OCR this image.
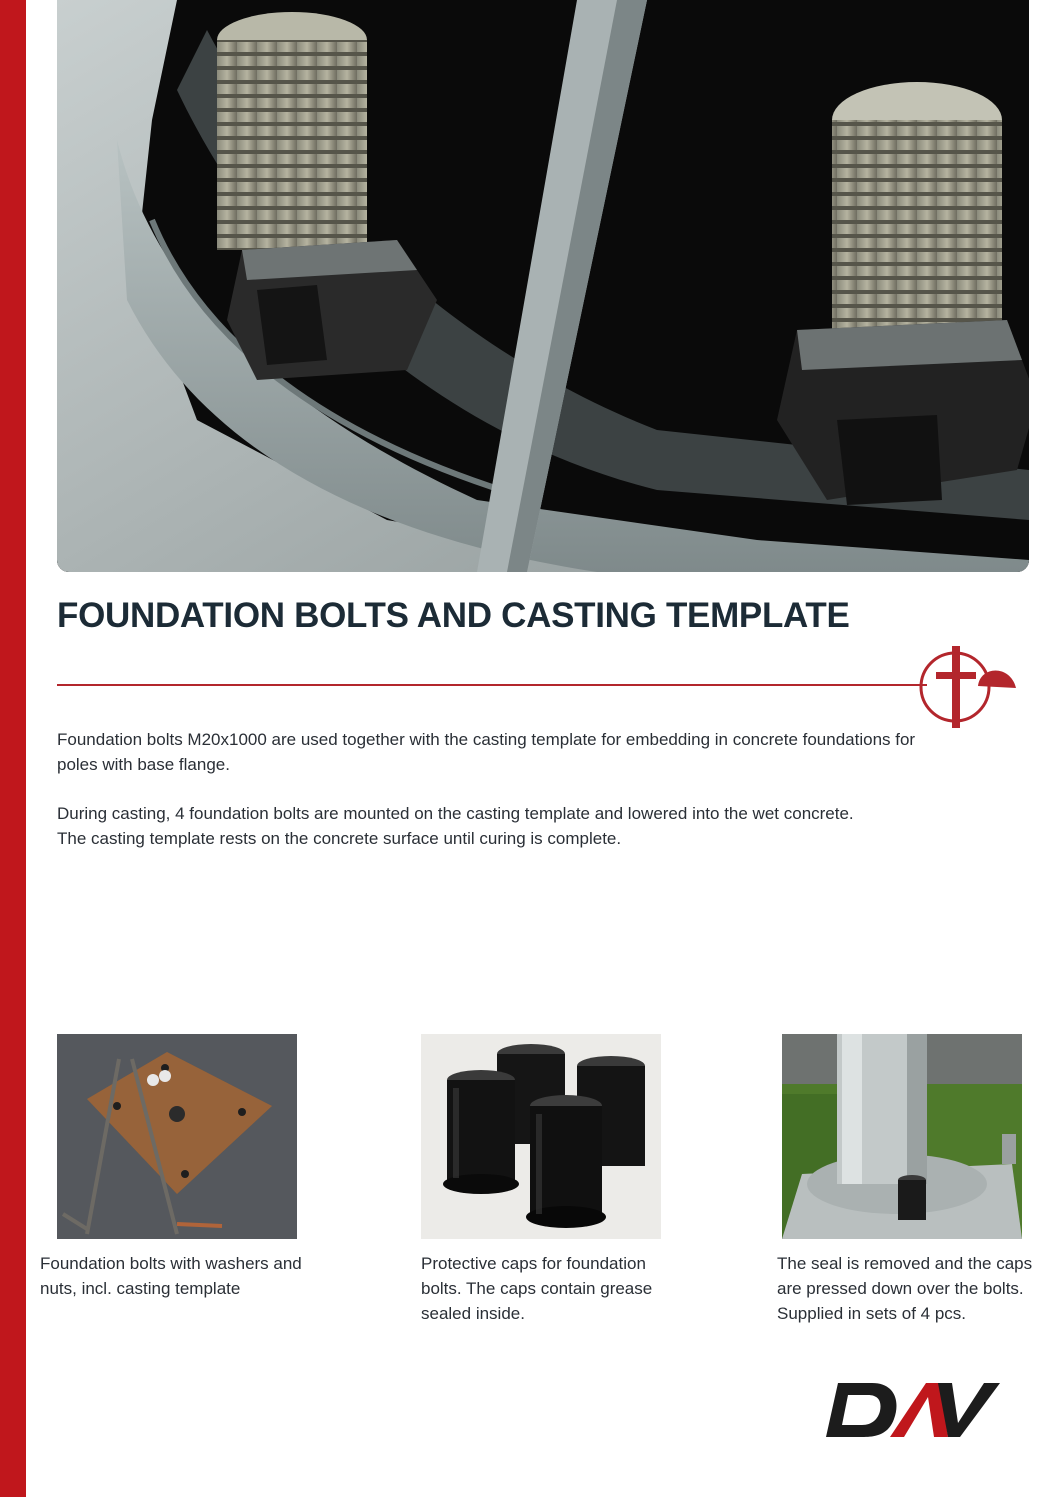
FOUNDATION BOLTS AND CASTING TEMPLATE
Foundation bolts M20x1000 are used together with the casting template for embedding in concrete foundations for poles with base flange.
During casting, 4 foundation bolts are mounted on the casting template and lowered into the wet concrete.
The casting template rests on the concrete surface until curing is complete.
Foundation bolts with washers and nuts, incl. casting template
Protective caps for foundation bolts. The caps contain grease sealed inside.
The seal is removed and the caps are pressed down over the bolts. Supplied in sets of 4 pcs.
